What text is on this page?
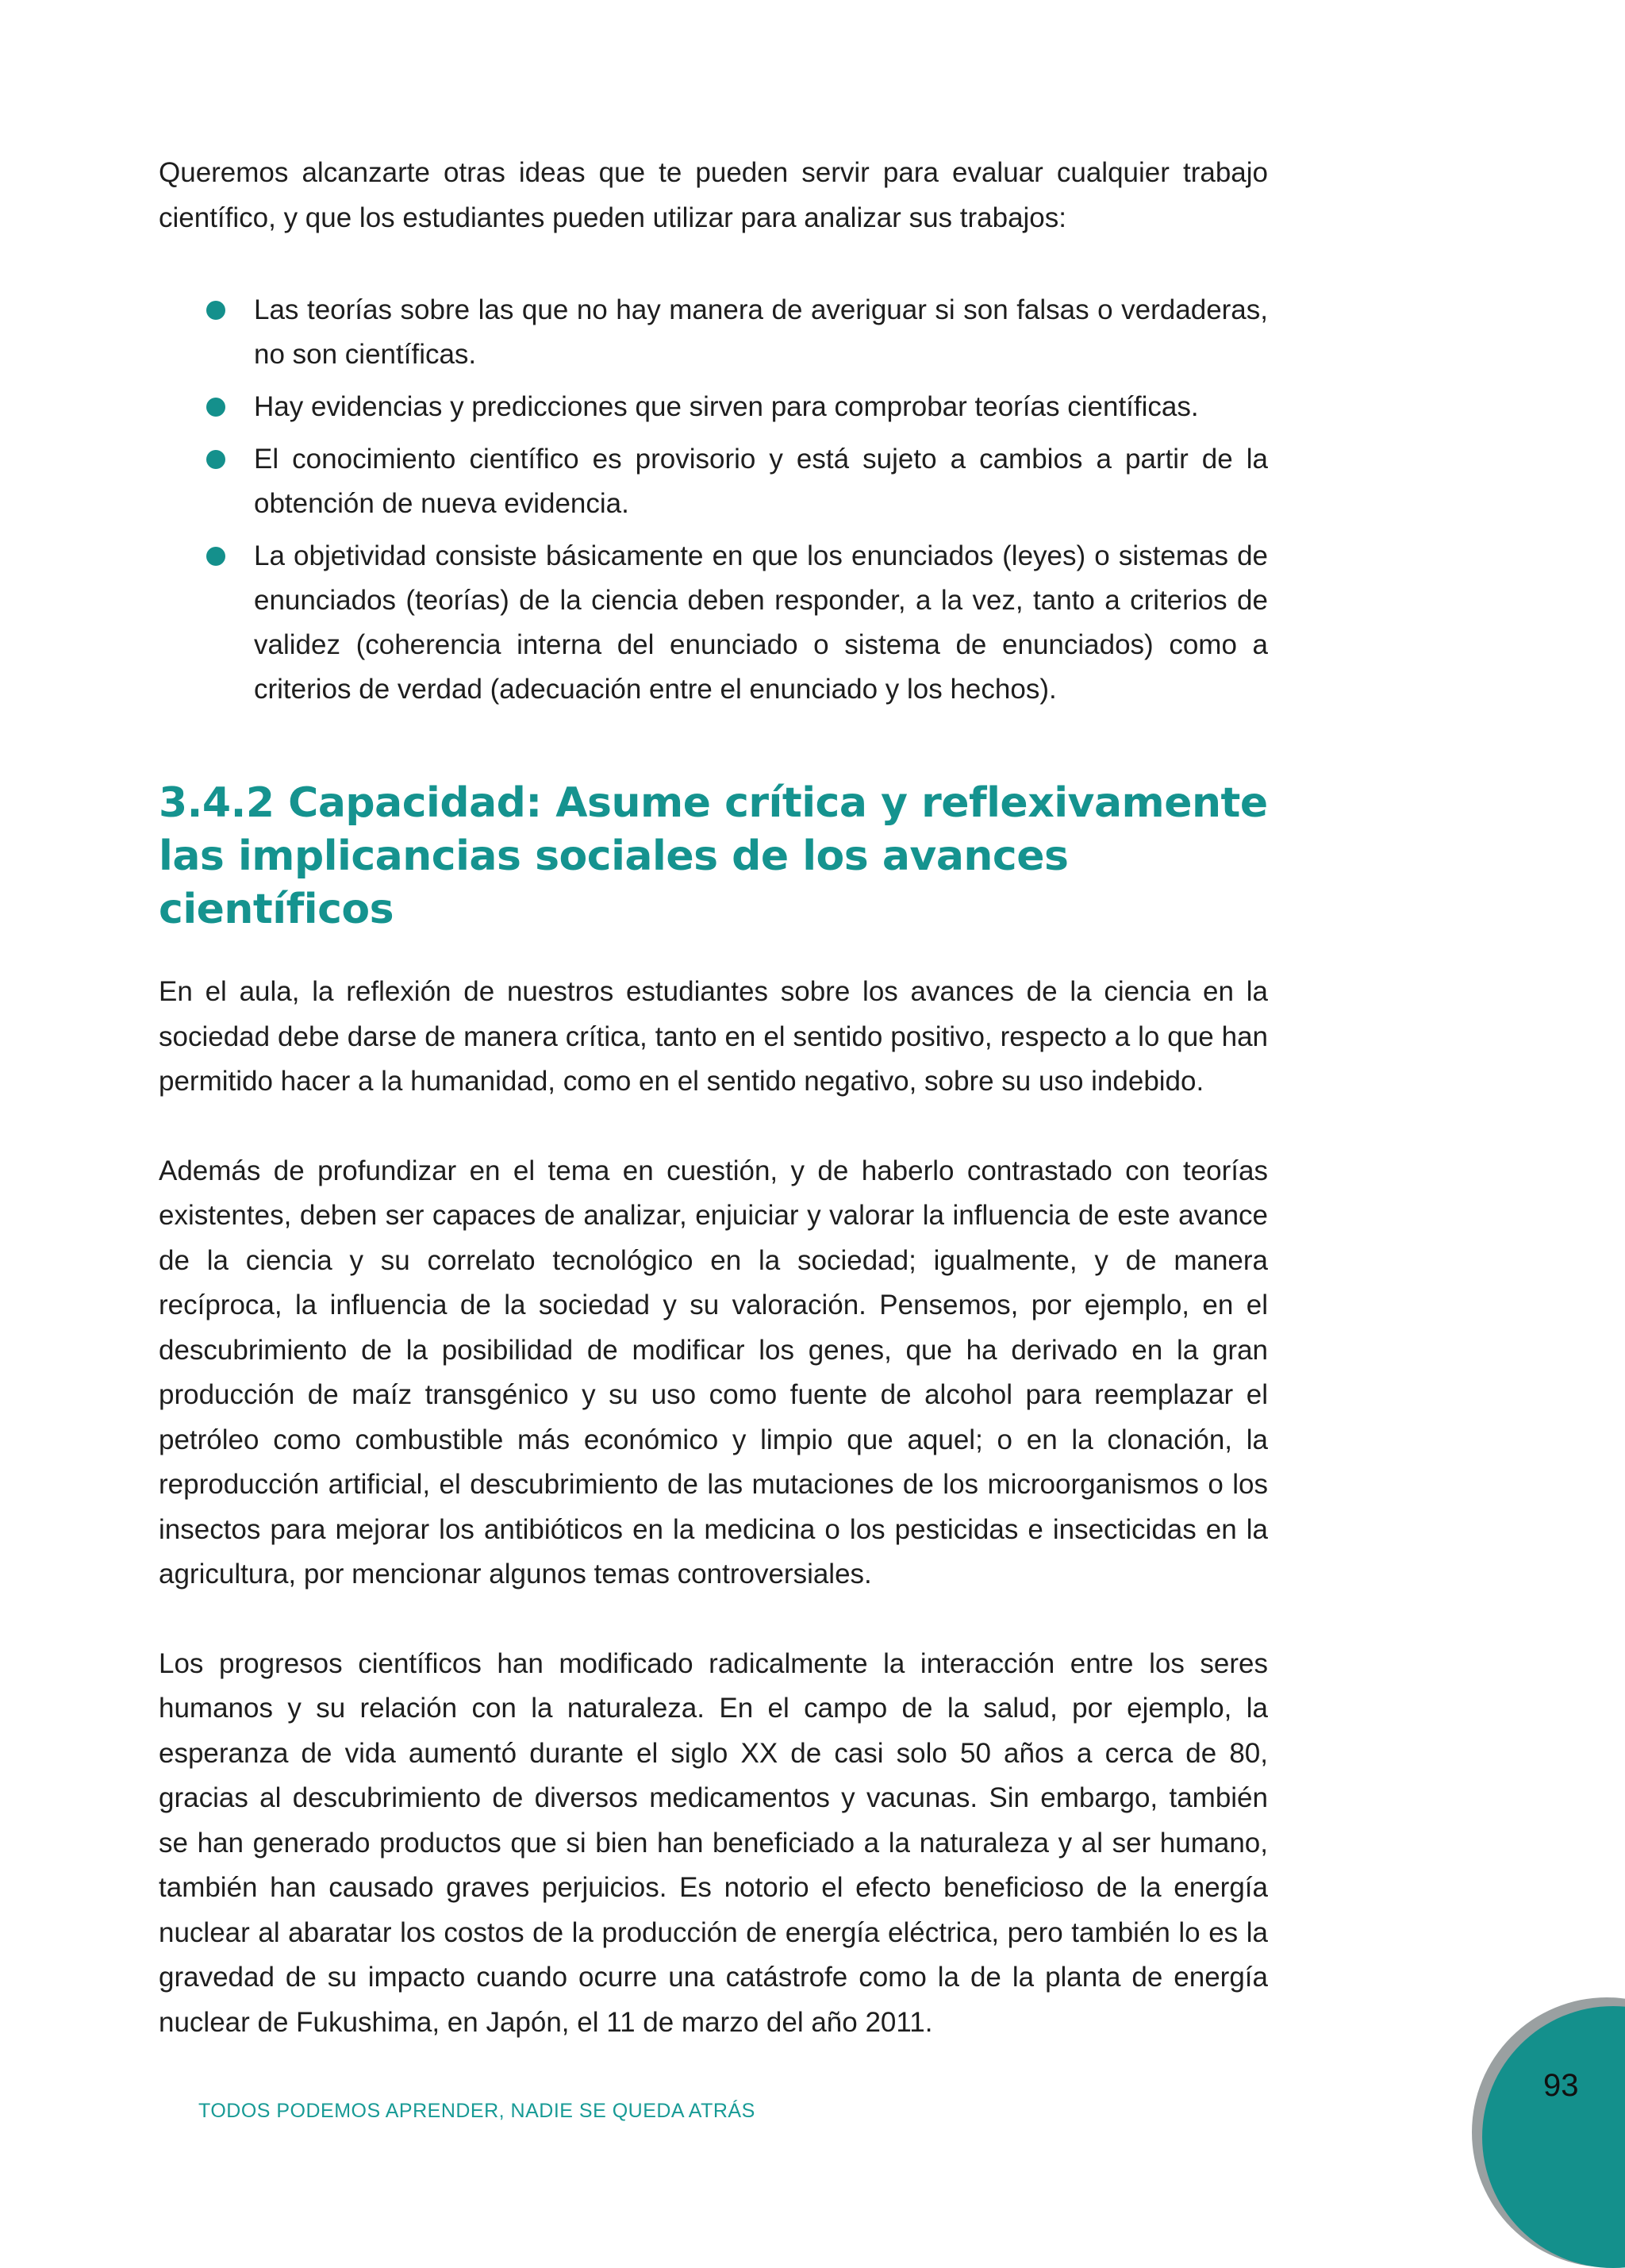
Queremos alcanzarte otras ideas que te pueden servir para evaluar cualquier trabajo científico, y que los estudiantes pueden utilizar para analizar sus trabajos:

Las teorías sobre las que no hay manera de averiguar si son falsas o verdaderas, no son científicas.
Hay evidencias y predicciones que sirven para comprobar teorías científicas.
El conocimiento científico es provisorio y está sujeto a cambios a partir de la obtención de nueva evidencia.
La objetividad consiste básicamente en que los enunciados (leyes) o sistemas de enunciados (teorías) de la ciencia deben responder, a la vez, tanto a criterios de validez (coherencia interna del enunciado o sistema de enunciados) como a criterios de verdad (adecuación entre el enunciado y los hechos).
3.4.2 Capacidad: Asume crítica y reflexivamente
las implicancias sociales de los avances científicos

En el aula, la reflexión de nuestros estudiantes sobre los avances de la ciencia en la sociedad debe darse de manera crítica, tanto en el sentido positivo, respecto a lo que han permitido hacer a la humanidad, como en el sentido negativo, sobre su uso indebido.

Además de profundizar en el tema en cuestión, y de haberlo contrastado con teorías existentes, deben ser capaces de analizar, enjuiciar y valorar la influencia de este avance de la ciencia y su correlato tecnológico en la sociedad; igualmente, y de manera recíproca, la influencia de la sociedad y su valoración. Pensemos, por ejemplo, en el descubrimiento de la posibilidad de modificar los genes, que ha derivado en la gran producción de maíz transgénico y su uso como fuente de alcohol para reemplazar el petróleo como combustible más económico y limpio que aquel; o en la clonación, la reproducción artificial, el descubrimiento de las mutaciones de los microorganismos o los insectos para mejorar los antibióticos en la medicina o los pesticidas e insecticidas en la agricultura, por mencionar algunos temas controversiales.

Los progresos científicos han modificado radicalmente la interacción entre los seres humanos y su relación con la naturaleza. En el campo de la salud, por ejemplo, la esperanza de vida aumentó durante el siglo XX de casi solo 50 años a cerca de 80, gracias al descubrimiento de diversos medicamentos y vacunas. Sin embargo, también se han generado productos que si bien han beneficiado a la naturaleza y al ser humano, también han causado graves perjuicios. Es notorio el efecto beneficioso de la energía nuclear al abaratar los costos de la producción de energía eléctrica, pero también lo es la gravedad de su impacto cuando ocurre una catástrofe como la de la planta de energía nuclear de Fukushima, en Japón, el 11 de marzo del año 2011.

TODOS PODEMOS APRENDER, NADIE SE QUEDA ATRÁS
93
